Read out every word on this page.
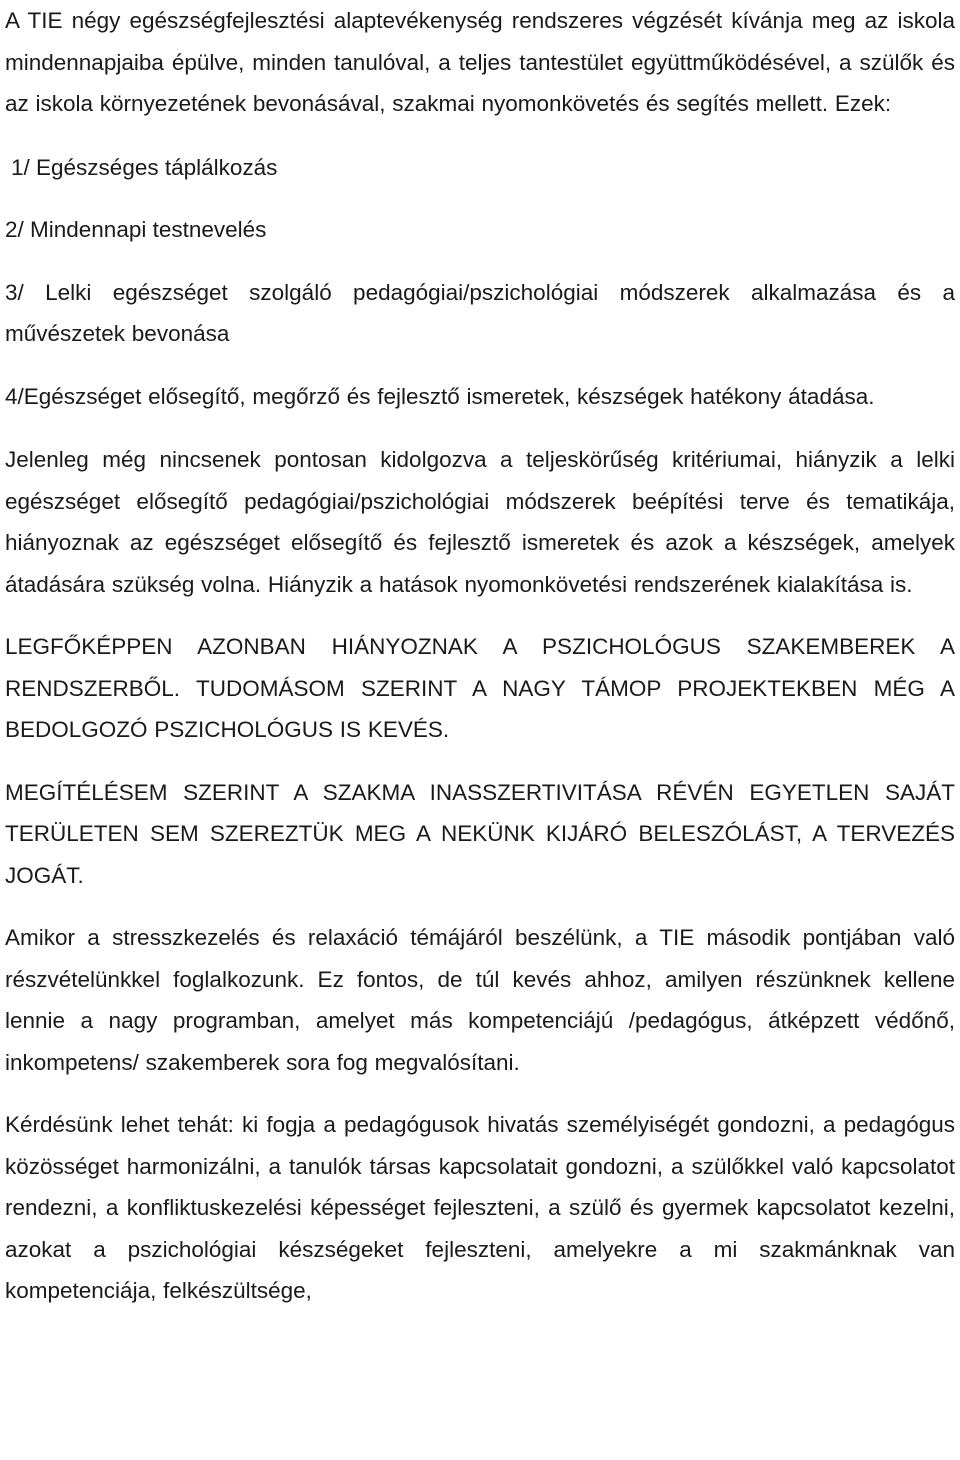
A TIE négy egészségfejlesztési alaptevékenység rendszeres végzését kívánja meg az iskola mindennapjaiba épülve, minden tanulóval, a teljes tantestület együttműködésével, a szülők és az iskola környezetének bevonásával, szakmai nyomonkövetés és segítés mellett. Ezek:

1/ Egészséges táplálkozás

2/ Mindennapi testnevelés

3/ Lelki egészséget szolgáló pedagógiai/pszichológiai módszerek alkalmazása és a művészetek bevonása

4/Egészséget elősegítő, megőrző és fejlesztő ismeretek, készségek hatékony átadása.

Jelenleg még nincsenek pontosan kidolgozva a teljeskörűség kritériumai, hiányzik a lelki egészséget elősegítő pedagógiai/pszichológiai módszerek beépítési terve és tematikája, hiányoznak az egészséget elősegítő és fejlesztő ismeretek és azok a készségek, amelyek átadására szükség volna. Hiányzik a hatások nyomonkövetési rendszerének kialakítása is.

LEGFŐKÉPPEN AZONBAN HIÁNYOZNAK A PSZICHOLÓGUS SZAKEMBEREK A RENDSZERBŐL. TUDOMÁSOM SZERINT A NAGY TÁMOP PROJEKTEKBEN MÉG A BEDOLGOZÓ PSZICHOLÓGUS IS KEVÉS.

MEGÍTÉLÉSEM SZERINT A SZAKMA INASSZERTIVITÁSA RÉVÉN EGYETLEN SAJÁT TERÜLETEN SEM SZEREZTÜK MEG A NEKÜNK KIJÁRÓ BELESZÓLÁST, A TERVEZÉS JOGÁT.

Amikor a stresszkezelés és relaxáció témájáról beszélünk, a TIE második pontjában való részvételünkkel foglalkozunk. Ez fontos, de túl kevés ahhoz, amilyen részünknek kellene lennie a nagy programban, amelyet más kompetenciájú /pedagógus, átképzett védőnő, inkompetens/ szakemberek sora fog megvalósítani.

Kérdésünk lehet tehát: ki fogja a pedagógusok hivatás személyiségét gondozni, a pedagógus közösséget harmonizálni, a tanulók társas kapcsolatait gondozni, a szülőkkel való kapcsolatot rendezni, a konfliktuskezelési képességet fejleszteni, a szülő és gyermek kapcsolatot kezelni, azokat a pszichológiai készségeket fejleszteni, amelyekre a mi szakmánknak van kompetenciája, felkészültsége,
